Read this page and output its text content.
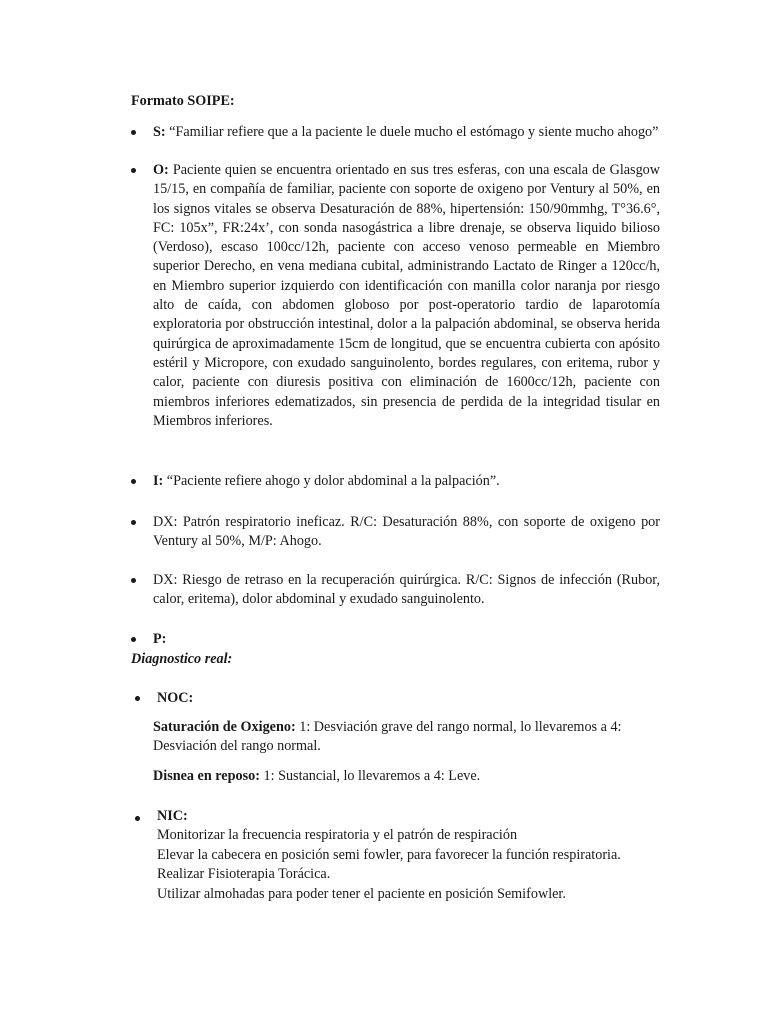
Formato SOIPE:
S: “Familiar refiere que a la paciente le duele mucho el estómago y siente mucho ahogo”
O: Paciente quien se encuentra orientado en sus tres esferas, con una escala de Glasgow 15/15, en compañía de familiar, paciente con soporte de oxigeno por Ventury al 50%, en los signos vitales se observa Desaturación de 88%, hipertensión: 150/90mmhg, T°36.6°, FC: 105x”, FR:24x’, con sonda nasogástrica a libre drenaje, se observa liquido bilioso (Verdoso), escaso 100cc/12h, paciente con acceso venoso permeable en Miembro superior Derecho, en vena mediana cubital, administrando Lactato de Ringer a 120cc/h, en Miembro superior izquierdo con identificación con manilla color naranja por riesgo alto de caída, con abdomen globoso por post-operatorio tardio de laparotomía exploratoria por obstrucción intestinal, dolor a la palpación abdominal, se observa herida quirúrgica de aproximadamente 15cm de longitud, que se encuentra cubierta con apósito estéril y Micropore, con exudado sanguinolento, bordes regulares, con eritema, rubor y calor, paciente con diuresis positiva con eliminación de 1600cc/12h, paciente con miembros inferiores edematizados, sin presencia de perdida de la integridad tisular en Miembros inferiores.
I: “Paciente refiere ahogo y dolor abdominal a la palpación”.
DX: Patrón respiratorio ineficaz. R/C: Desaturación 88%, con soporte de oxigeno por Ventury al 50%, M/P: Ahogo.
DX: Riesgo de retraso en la recuperación quirúrgica. R/C: Signos de infección (Rubor, calor, eritema), dolor abdominal y exudado sanguinolento.
P:
Diagnostico real:
NOC:
Saturación de Oxigeno: 1: Desviación grave del rango normal, lo llevaremos a 4: Desviación del rango normal.
Disnea en reposo: 1: Sustancial, lo llevaremos a 4: Leve.
NIC:
Monitorizar la frecuencia respiratoria y el patrón de respiración
Elevar la cabecera en posición semi fowler, para favorecer la función respiratoria.
Realizar Fisioterapia Torácica.
Utilizar almohadas para poder tener el paciente en posición Semifowler.
